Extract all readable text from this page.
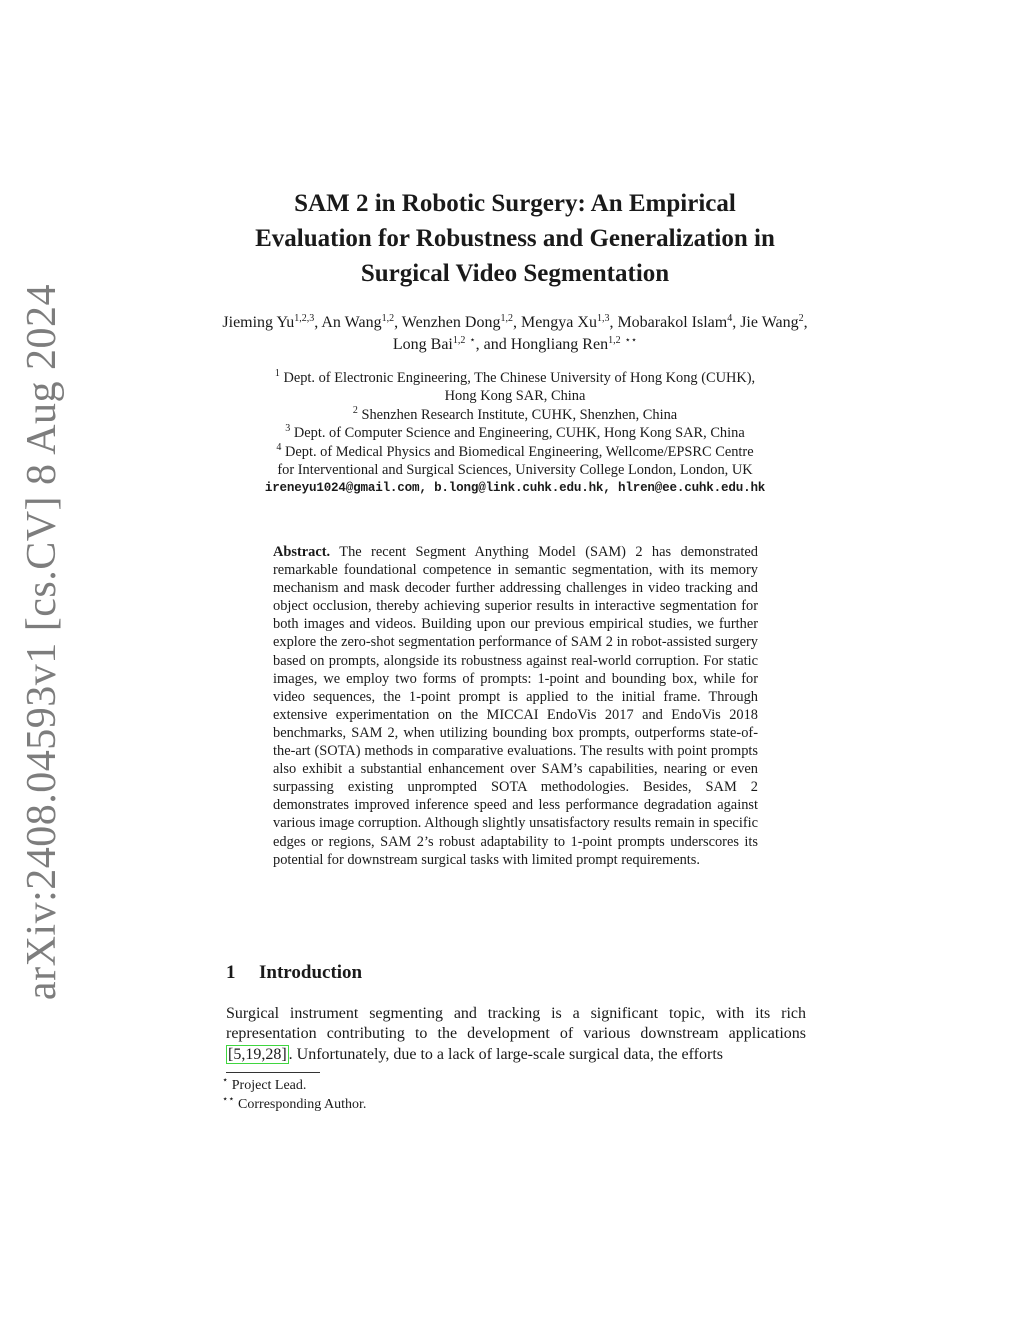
arXiv:2408.04593v1 [cs.CV] 8 Aug 2024
SAM 2 in Robotic Surgery: An Empirical
Evaluation for Robustness and Generalization in
Surgical Video Segmentation
Jieming Yu$^{1,2,3}$, An Wang$^{1,2}$, Wenzhen Dong$^{1,2}$, Mengya Xu$^{1,3}$, Mobarakol Islam$^4$, Jie Wang$^2$, Long Bai$^{1,2}$ ⋆, and Hongliang Ren$^{1,2}$ ⋆⋆
$^1$ Dept. of Electronic Engineering, The Chinese University of Hong Kong (CUHK),
Hong Kong SAR, China
$^2$ Shenzhen Research Institute, CUHK, Shenzhen, China
$^3$ Dept. of Computer Science and Engineering, CUHK, Hong Kong SAR, China
$^4$ Dept. of Medical Physics and Biomedical Engineering, Wellcome/EPSRC Centre
for Interventional and Surgical Sciences, University College London, London, UK
ireneyu1024@gmail.com, b.long@link.cuhk.edu.hk, hlren@ee.cuhk.edu.hk

Abstract. The recent Segment Anything Model (SAM) 2 has demonstrated remarkable foundational competence in semantic segmentation, with its memory mechanism and mask decoder further addressing challenges in video tracking and object occlusion, thereby achieving superior results in interactive segmentation for both images and videos. Building upon our previous empirical studies, we further explore the zero-shot segmentation performance of SAM 2 in robot-assisted surgery based on prompts, alongside its robustness against real-world corruption. For static images, we employ two forms of prompts: 1-point and bounding box, while for video sequences, the 1-point prompt is applied to the initial frame. Through extensive experimentation on the MICCAI EndoVis 2017 and EndoVis 2018 benchmarks, SAM 2, when utilizing bounding box prompts, outperforms state-of-the-art (SOTA) methods in comparative evaluations. The results with point prompts also exhibit a substantial enhancement over SAM’s capabilities, nearing or even surpassing existing unprompted SOTA methodologies. Besides, SAM 2 demonstrates improved inference speed and less performance degradation against various image corruption. Although slightly unsatisfactory results remain in specific edges or regions, SAM 2’s robust adaptability to 1-point prompts underscores its potential for downstream surgical tasks with limited prompt requirements.

1 Introduction

Surgical instrument segmenting and tracking is a significant topic, with its rich representation contributing to the development of various downstream applications [5,19,28] . Unfortunately, due to a lack of large-scale surgical data, the efforts

⋆ Project Lead.
⋆⋆ Corresponding Author.
